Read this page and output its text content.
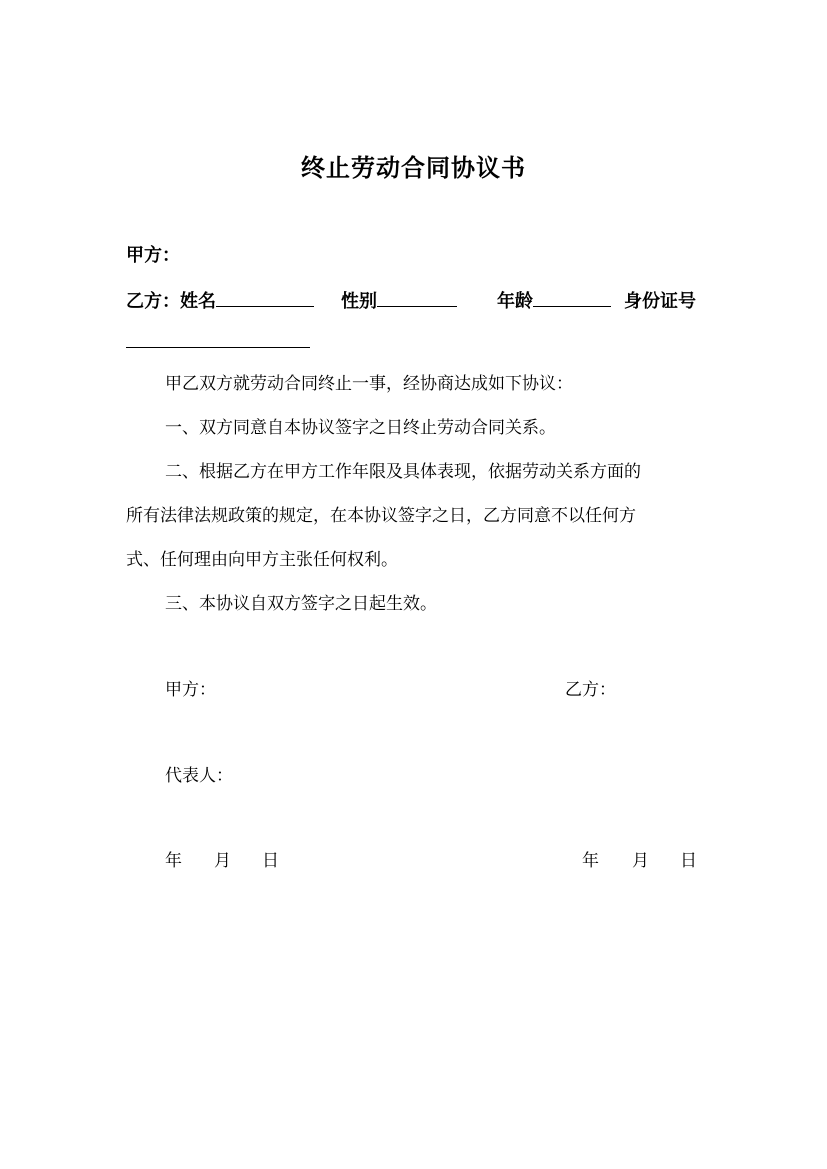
终止劳动合同协议书
甲方：
乙方：姓名	性别	年龄	身份证号
甲乙双方就劳动合同终止一事，经协商达成如下协议：
一、双方同意自本协议签字之日终止劳动合同关系。
二、根据乙方在甲方工作年限及具体表现，依据劳动关系方面的
所有法律法规政策的规定，在本协议签字之日，乙方同意不以任何方
式、任何理由向甲方主张任何权利。
三、本协议自双方签字之日起生效。
甲方：	乙方：
代表人：
年 月 日	年 月 日
